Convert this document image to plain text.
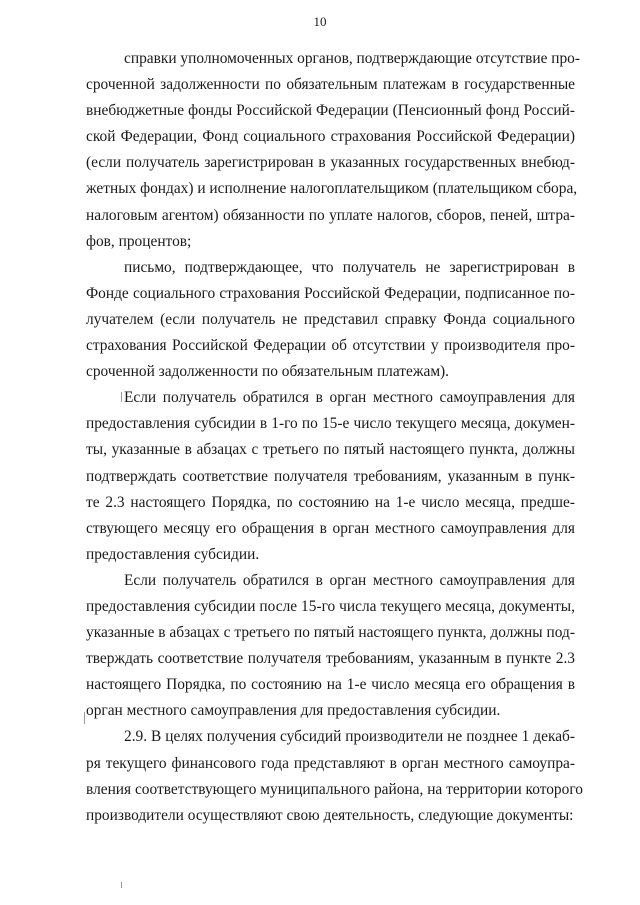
10
справки уполномоченных органов, подтверждающие отсутствие про-
сроченной задолженности по обязательным платежам в государственные
внебюджетные фонды Российской Федерации (Пенсионный фонд Россий-
ской Федерации, Фонд социального страхования Российской Федерации)
(если получатель зарегистрирован в указанных государственных внебюд-
жетных фондах) и исполнение налогоплательщиком (плательщиком сбора,
налоговым агентом) обязанности по уплате налогов, сборов, пеней, штра-
фов, процентов;
письмо, подтверждающее, что получатель не зарегистрирован в
Фонде социального страхования Российской Федерации, подписанное по-
лучателем (если получатель не представил справку Фонда социального
страхования Российской Федерации об отсутствии у производителя про-
сроченной задолженности по обязательным платежам).
Если получатель обратился в орган местного самоуправления для
предоставления субсидии в 1-го по 15-е число текущего месяца, докумен-
ты, указанные в абзацах с третьего по пятый настоящего пункта, должны
подтверждать соответствие получателя требованиям, указанным в пунк-
те 2.3 настоящего Порядка, по состоянию на 1-е число месяца, предше-
ствующего месяцу его обращения в орган местного самоуправления для
предоставления субсидии.
Если получатель обратился в орган местного самоуправления для
предоставления субсидии после 15-го числа текущего месяца, документы,
указанные в абзацах с третьего по пятый настоящего пункта, должны под-
тверждать соответствие получателя требованиям, указанным в пункте 2.3
настоящего Порядка, по состоянию на 1-е число месяца его обращения в
орган местного самоуправления для предоставления субсидии.
2.9. В целях получения субсидий производители не позднее 1 декаб-
ря текущего финансового года представляют в орган местного самоупра-
вления соответствующего муниципального района, на территории которого
производители осуществляют свою деятельность, следующие документы:
